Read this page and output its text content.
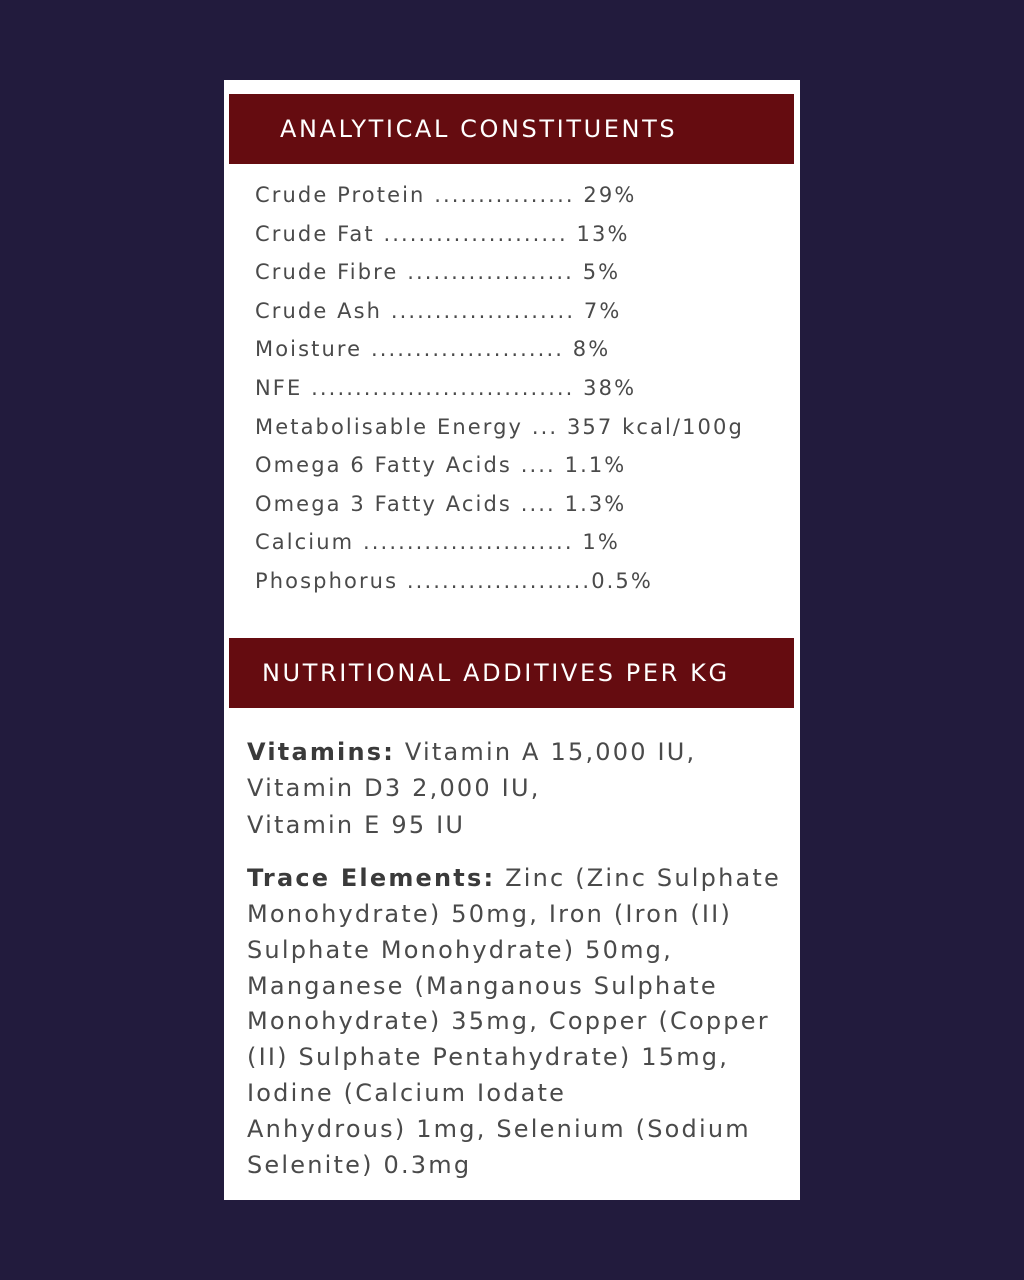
ANALYTICAL CONSTITUENTS
Crude Protein ................ 29%
Crude Fat ..................... 13%
Crude Fibre ................... 5%
Crude Ash ..................... 7%
Moisture ...................... 8%
NFE .............................. 38%
Metabolisable Energy ... 357 kcal/100g
Omega 6 Fatty Acids .... 1.1%
Omega 3 Fatty Acids .... 1.3%
Calcium ........................ 1%
Phosphorus .....................0.5%
NUTRITIONAL ADDITIVES PER KG

Vitamins: Vitamin A 15,000 IU,
Vitamin D3 2,000 IU,
Vitamin E 95 IU

Trace Elements: Zinc (Zinc Sulphate
Monohydrate) 50mg, Iron (Iron (II)
Sulphate Monohydrate) 50mg,
Manganese (Manganous Sulphate
Monohydrate) 35mg, Copper (Copper
(II) Sulphate Pentahydrate) 15mg,
Iodine (Calcium Iodate
Anhydrous) 1mg, Selenium (Sodium
Selenite) 0.3mg
